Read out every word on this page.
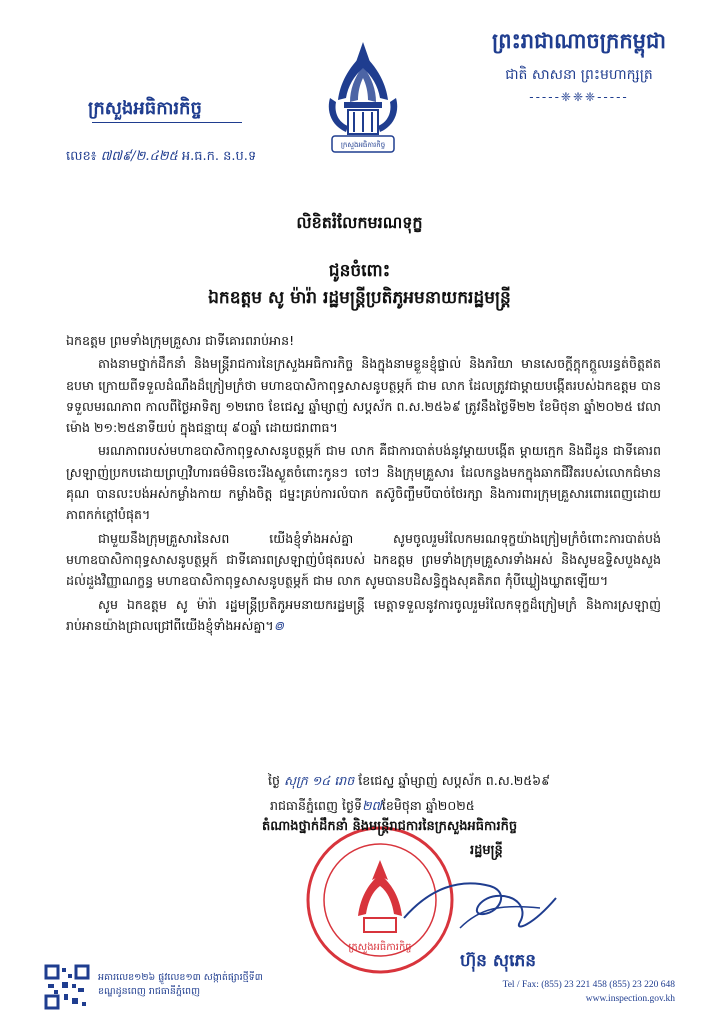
ព្រះរាជាណាចក្រកម្ពុជា
ជាតិ សាសនា ព្រះមហាក្សត្រ
-----❈❈❈-----
ក្រសួងអធិការកិច្ច
ក្រសួងអធិការកិច្ច
លេខ៖ ៧៧៩/២.៤២៥ អ.ធ.ក. ន.ប.ទ
លិខិតរំលែកមរណទុក្ខ
ជូនចំពោះ
ឯកឧត្តម សូ ម៉ារ៉ា រដ្ឋមន្ត្រីប្រតិភូអមនាយករដ្ឋមន្ត្រី

ឯកឧត្តម ព្រមទាំងក្រុមគ្រួសារ ជាទីគោរពរាប់អាន!

តាងនាមថ្នាក់ដឹកនាំ និងមន្ត្រីរាជការនៃក្រសួងអធិការកិច្ច និងក្នុងនាមខ្លួនខ្ញុំផ្ទាល់ និងភរិយា មានសេចក្តីក្តុកក្តួលរន្ធត់ចិត្តឥតឧបមា ក្រោយពីទទួលដំណឹងដ៏ក្រៀមក្រំថា មហាឧបាសិកាពុទ្ធសាសនូបត្ថម្ភក៍ ជាម លាក ដែលត្រូវជាម្តាយបង្កើតរបស់ឯកឧត្តម បានទទួលមរណភាព កាលពីថ្ងៃអាទិត្យ ១២រោច ខែជេស្ឋ ឆ្នាំម្សាញ់ សប្តស័ក ព.ស.២៥៦៩ ត្រូវនឹងថ្ងៃទី២២ ខែមិថុនា ឆ្នាំ២០២៥ វេលាម៉ោង ២១:២៥នាទីយប់ ក្នុងជន្មាយុ ៩០ឆ្នាំ ដោយជរាពាធ។

មរណភាពរបស់មហាឧបាសិកាពុទ្ធសាសនូបត្ថម្ភក៍ ជាម លាក គឺជាការបាត់បង់នូវម្តាយបង្កើត ម្តាយក្មេក និងជីដូន ជាទីគោរពស្រឡាញ់ប្រកបដោយព្រហ្មវិហារធម៌មិនចេះរីងស្ងួតចំពោះកូនៗ ចៅៗ និងក្រុមគ្រួសារ ដែលកន្លងមកក្នុងឆាកជីវិតរបស់លោកជំមានគុណ បានលះបង់អស់កម្លាំងកាយ កម្លាំងចិត្ត ជម្នះគ្រប់ការលំបាក តស៊ូចិញ្ចឹមបីបាច់ថែរក្សា និងការពារក្រុមគ្រួសារពោរពេញដោយភាពកក់ក្តៅបំផុត។

ជាមួយនឹងក្រុមគ្រួសារនៃសព យើងខ្ញុំទាំងអស់គ្នា សូមចូលរួមរំលែកមរណទុក្ខយ៉ាងក្រៀមក្រំចំពោះការបាត់បង់ មហាឧបាសិកាពុទ្ធសាសនូបត្ថម្ភក៍ ជាទីគោរពស្រឡាញ់បំផុតរបស់ ឯកឧត្តម ព្រមទាំងក្រុមគ្រួសារទាំងអស់ និងសូមឧទ្ទិសបួងសួងដល់ដួងវិញ្ញាណក្ខន្ធ មហាឧបាសិកាពុទ្ធសាសនូបត្ថម្ភក៍ ជាម លាក សូមបានបដិសន្ធិក្នុងសុគតិភព កុំបីឃ្លៀងឃ្លាតឡើយ។

សូម ឯកឧត្តម សូ ម៉ារ៉ា រដ្ឋមន្ត្រីប្រតិភូអមនាយករដ្ឋមន្ត្រី មេត្តាទទួលនូវការចូលរួមរំលែកទុក្ខដ៏ក្រៀមក្រំ និងការស្រឡាញ់រាប់អានយ៉ាងជ្រាលជ្រៅពីយើងខ្ញុំទាំងអស់គ្នា។៙

ថ្ងៃ សុក្រ ១៤ រោច ខែជេស្ឋ ឆ្នាំម្សាញ់ សប្តស័ក ព.ស.២៥៦៩
រាជធានីភ្នំពេញ ថ្ងៃទី២៧ខែមិថុនា ឆ្នាំ២០២៥
ក្រសួងអធិការកិច្ច
តំណាងថ្នាក់ដឹកនាំ និងមន្ត្រីរាជការនៃក្រសួងអធិការកិច្ច
រដ្ឋមន្ត្រី
ហ៊ុន សុភេន
អគារលេខ១២៦ ផ្លូវលេខ១៣ សង្កាត់ផ្សារថ្មីទី៣
ខណ្ឌដូនពេញ រាជធានីភ្នំពេញ
Tel / Fax: (855) 23 221 458 (855) 23 220 648
www.inspection.gov.kh
